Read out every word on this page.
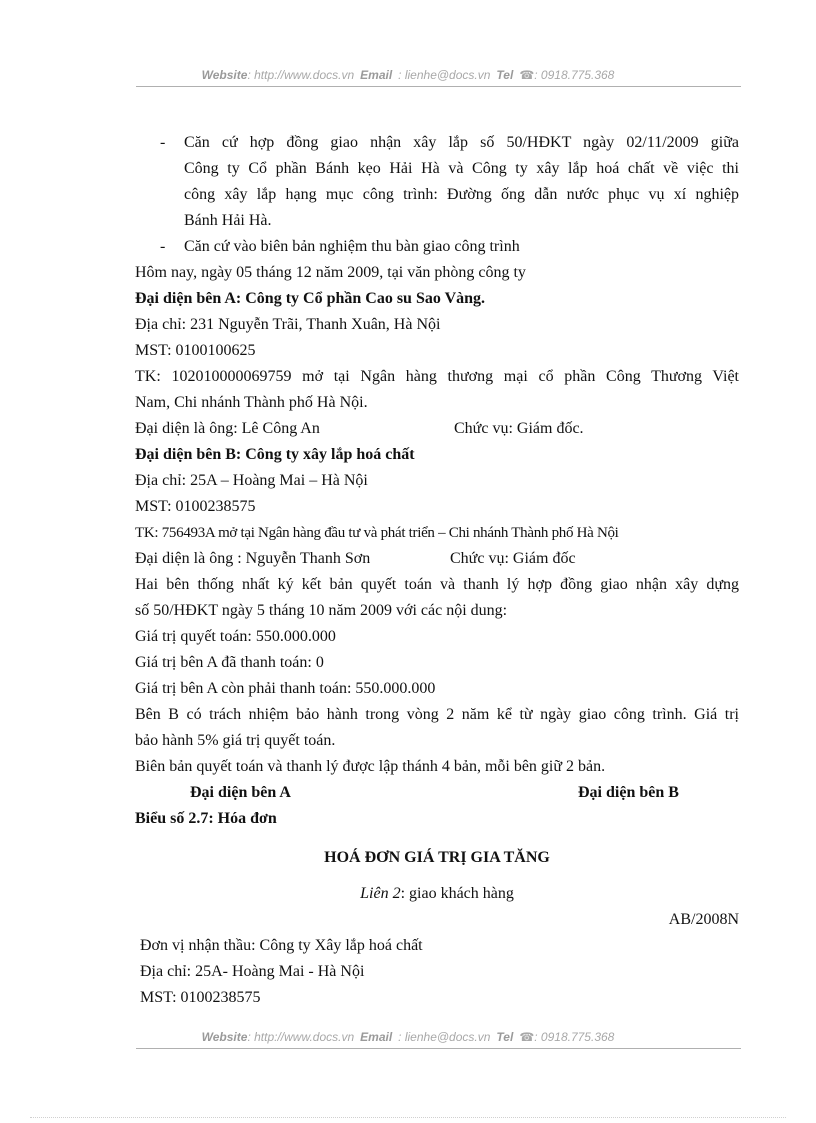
Website: http://www.docs.vn Email : lienhe@docs.vn Tel ☎: 0918.775.368
- Căn cứ hợp đồng giao nhận xây lắp số 50/HĐKT ngày 02/11/2009 giữa
Công ty Cổ phần Bánh kẹo Hải Hà và Công ty xây lắp hoá chất về việc thi
công xây lắp hạng mục công trình: Đường ống dẫn nước phục vụ xí nghiệp
Bánh Hải Hà.
- Căn cứ vào biên bản nghiệm thu bàn giao công trình
Hôm nay, ngày 05 tháng 12 năm 2009, tại văn phòng công ty
Đại diện bên A: Công ty Cổ phần Cao su Sao Vàng.
Địa chỉ: 231 Nguyễn Trãi, Thanh Xuân, Hà Nội
MST: 0100100625
TK: 102010000069759 mở tại Ngân hàng thương mại cổ phần Công Thương Việt
Nam, Chi nhánh Thành phố Hà Nội.
Đại diện là ông: Lê Công An	Chức vụ: Giám đốc.
Đại diện bên B: Công ty xây lắp hoá chất
Địa chỉ: 25A – Hoàng Mai – Hà Nội
MST: 0100238575
TK: 756493A mở tại Ngân hàng đầu tư và phát triển – Chi nhánh Thành phố Hà Nội
Đại diện là ông : Nguyễn Thanh Sơn	Chức vụ: Giám đốc
Hai bên thống nhất ký kết bản quyết toán và thanh lý hợp đồng giao nhận xây dựng
số 50/HĐKT ngày 5 tháng 10 năm 2009 với các nội dung:
Giá trị quyết toán: 550.000.000
Giá trị bên A đã thanh toán: 0
Giá trị bên A còn phải thanh toán: 550.000.000
Bên B có trách nhiệm bảo hành trong vòng 2 năm kể từ ngày giao công trình. Giá trị
bảo hành 5% giá trị quyết toán.
Biên bản quyết toán và thanh lý được lập thánh 4 bản, mỗi bên giữ 2 bản.
Đại diện bên A	Đại diện bên B
Biểu số 2.7: Hóa đơn
HOÁ ĐƠN GIÁ TRỊ GIA TĂNG
Liên 2: giao khách hàng
AB/2008N
Đơn vị nhận thầu: Công ty Xây lắp hoá chất
Địa chỉ: 25A- Hoàng Mai - Hà Nội
MST: 0100238575
Website: http://www.docs.vn Email : lienhe@docs.vn Tel ☎: 0918.775.368
